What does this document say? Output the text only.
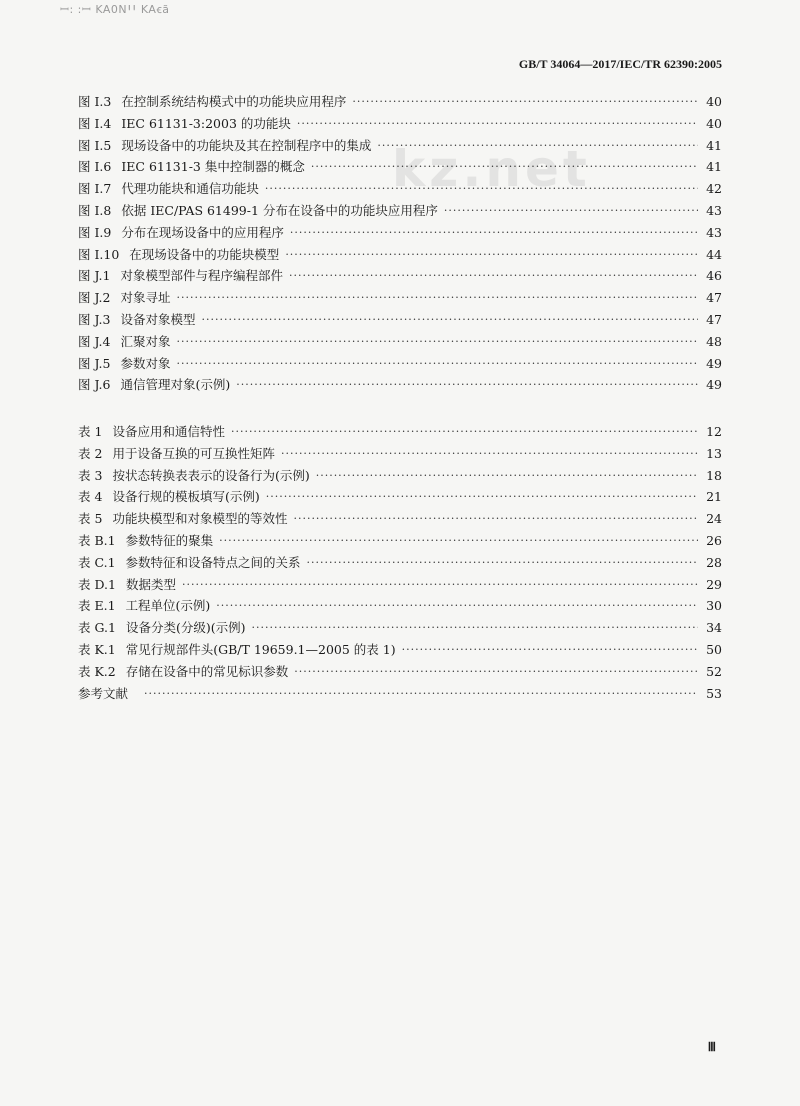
ꟷ꞉ ꞉ꟷ KA0ΝꞋꞋ KAꞓã
GB/T 34064—2017/IEC/TR 62390:2005
kz.net
图 I.3 在控制系统结构模式中的功能块应用程序 ·····	40
图 I.4 IEC 61131-3:2003 的功能块 ·····	40
图 I.5 现场设备中的功能块及其在控制程序中的集成 ·····	41
图 I.6 IEC 61131-3 集中控制器的概念 ·····	41
图 I.7 代理功能块和通信功能块 ·····	42
图 I.8 依据 IEC/PAS 61499-1 分布在设备中的功能块应用程序 ·····	43
图 I.9 分布在现场设备中的应用程序 ·····	43
图 I.10 在现场设备中的功能块模型 ·····	44
图 J.1 对象模型部件与程序编程部件 ·····	46
图 J.2 对象寻址 ·····	47
图 J.3 设备对象模型 ·····	47
图 J.4 汇聚对象 ·····	48
图 J.5 参数对象 ·····	49
图 J.6 通信管理对象(示例) ·····	49
表 1 设备应用和通信特性 ·····	12
表 2 用于设备互换的可互换性矩阵 ·····	13
表 3 按状态转换表表示的设备行为(示例) ·····	18
表 4 设备行规的模板填写(示例) ·····	21
表 5 功能块模型和对象模型的等效性 ·····	24
表 B.1 参数特征的聚集 ·····	26
表 C.1 参数特征和设备特点之间的关系 ·····	28
表 D.1 数据类型 ·····	29
表 E.1 工程单位(示例) ·····	30
表 G.1 设备分类(分级)(示例) ·····	34
表 K.1 常见行规部件头(GB/T 19659.1—2005 的表 1) ·····	50
表 K.2 存储在设备中的常见标识参数 ·····	52
参考文献 ·····	53
Ⅲ
